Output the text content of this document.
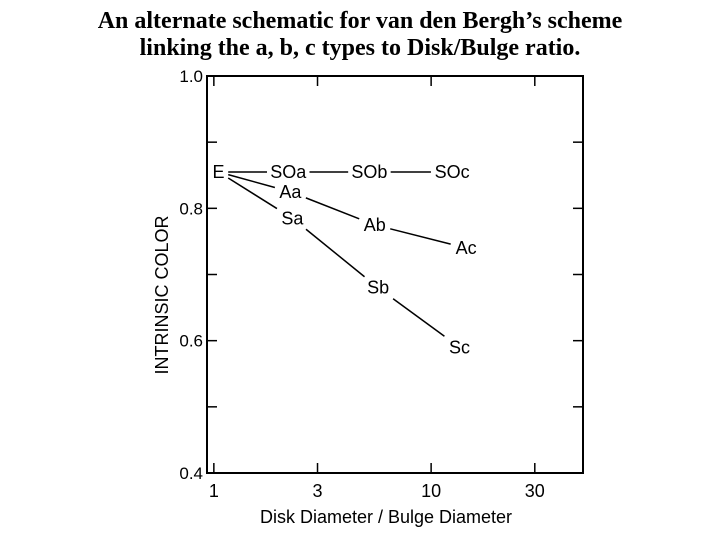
An alternate schematic for van den Bergh’s scheme
linking the a, b, c types to Disk/Bulge ratio.
1	3	10	30
0.4
0.6
0.8
1.0
E	SOa	SOb	SOc
Aa
Ab
Ac
Sa
Sb
Sc
Disk Diameter / Bulge Diameter
INTRINSIC COLOR
